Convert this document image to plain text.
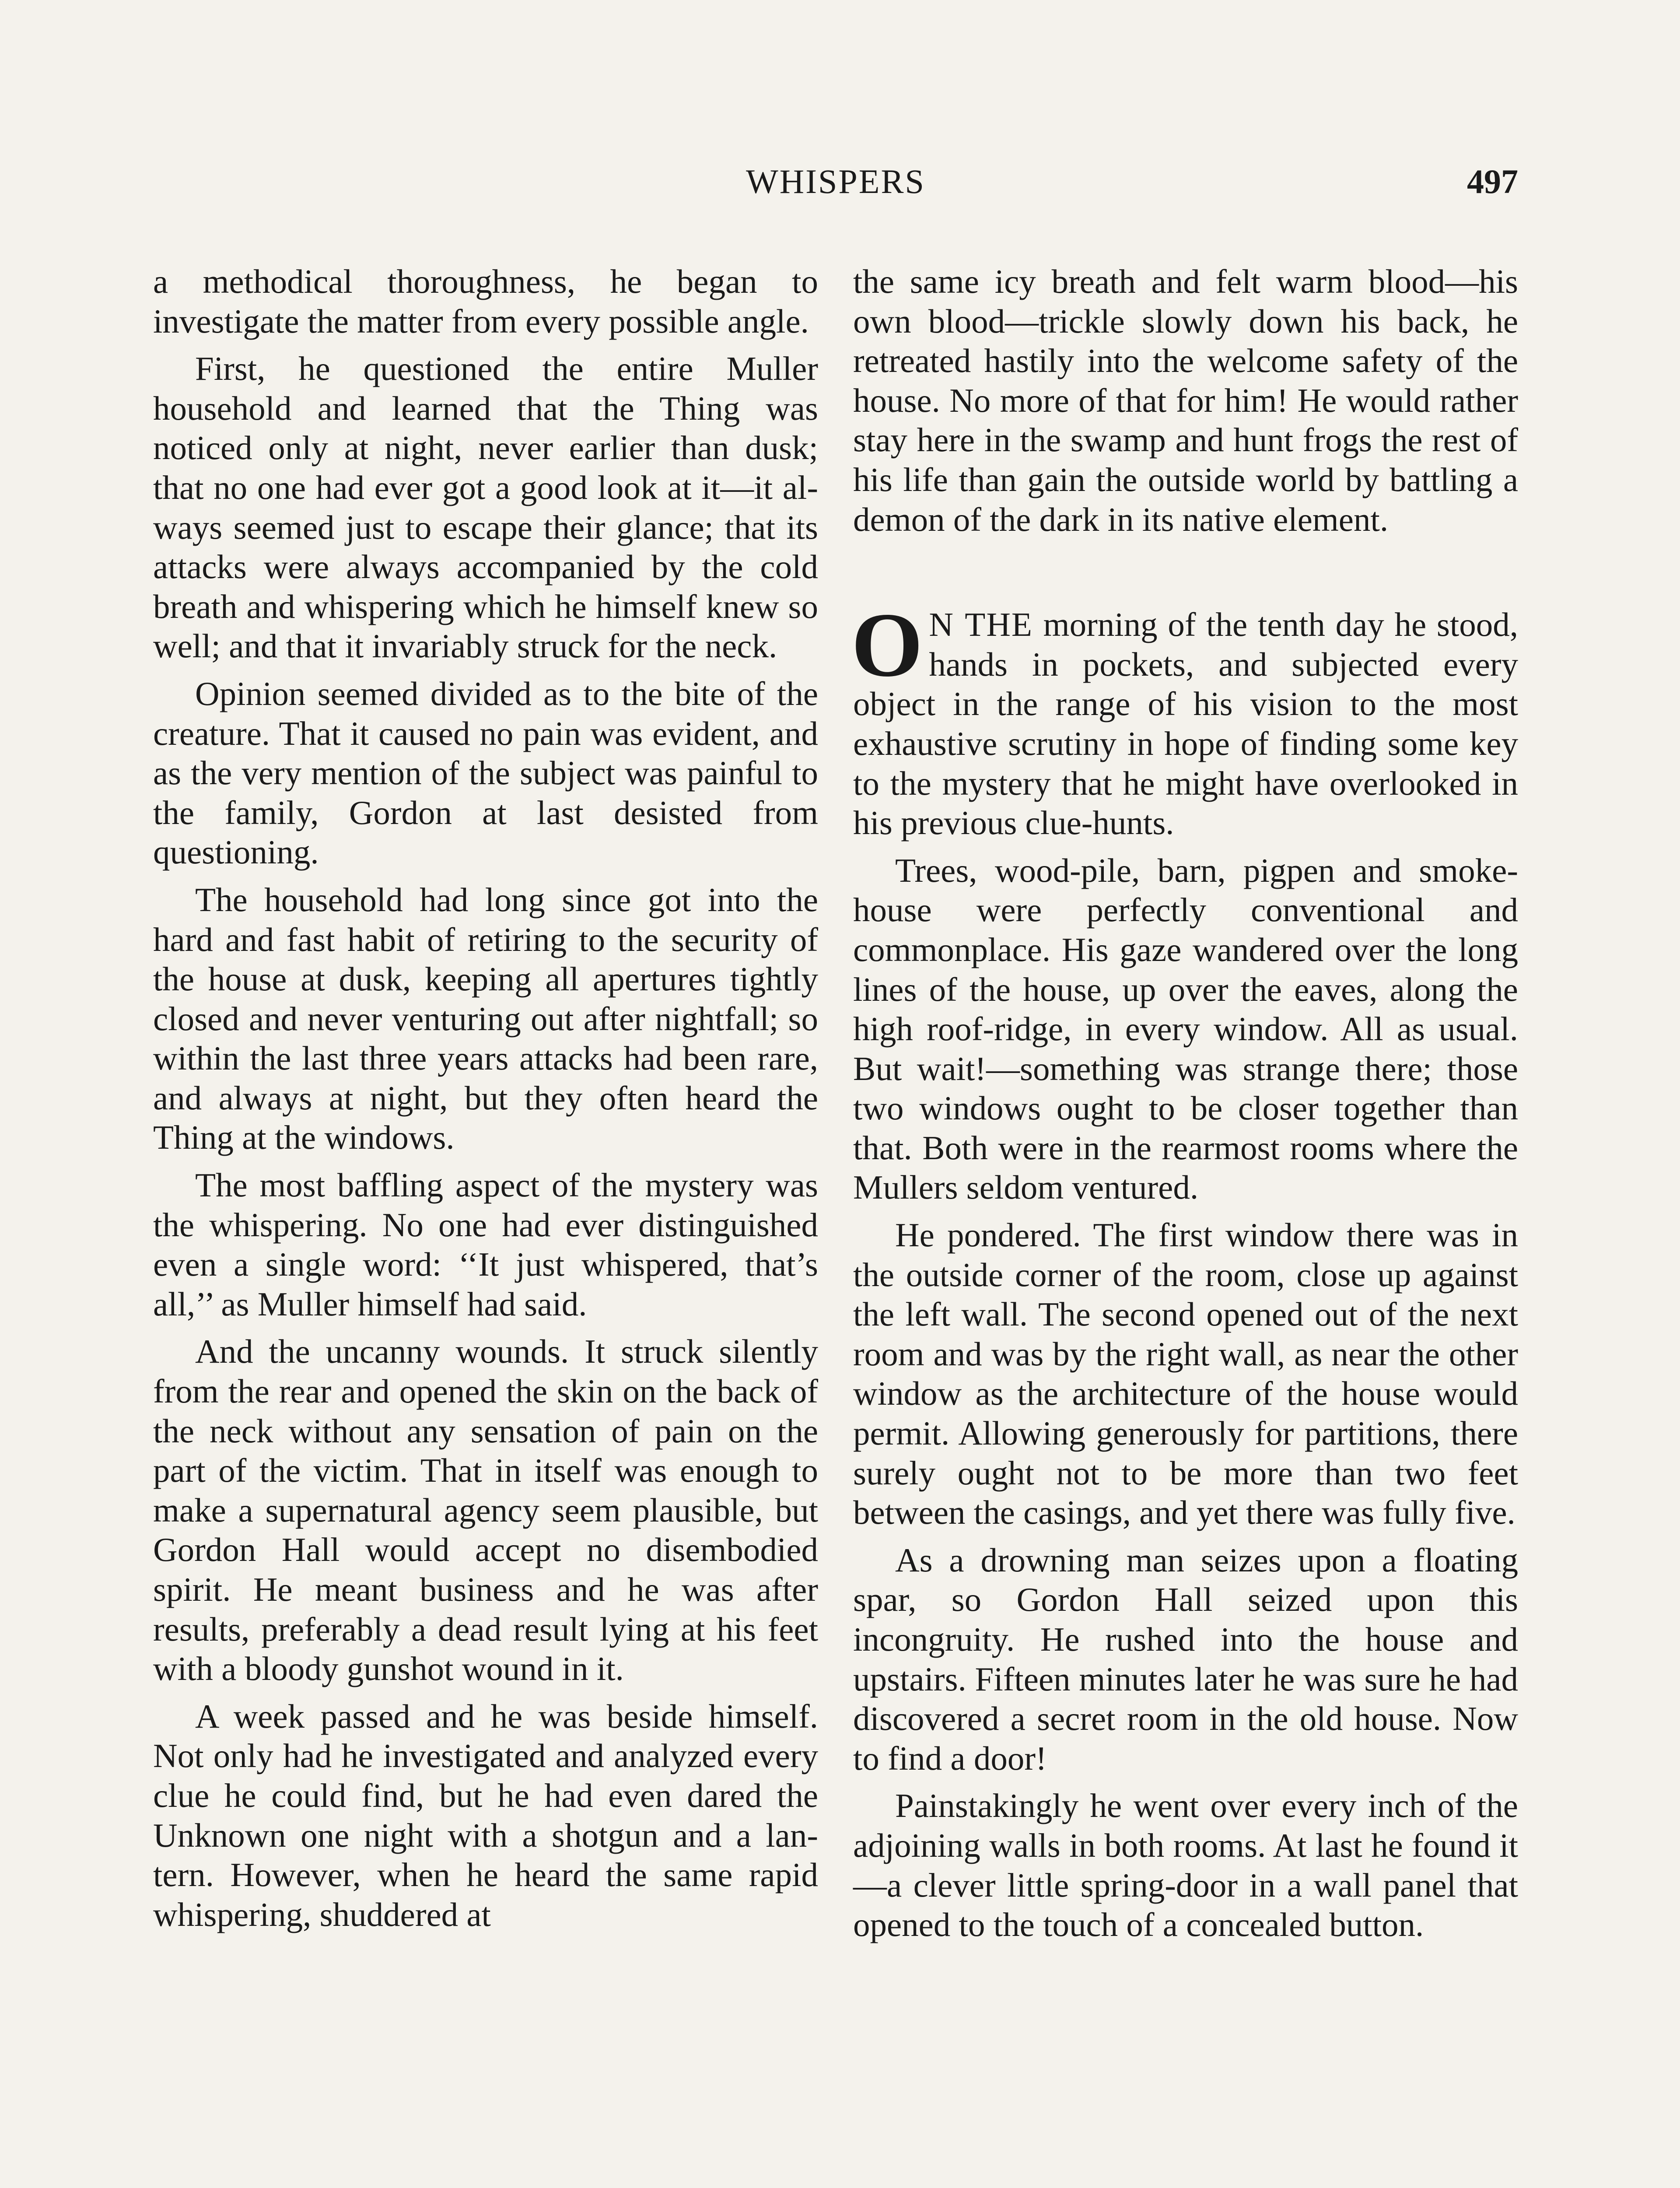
WHISPERS	497

a methodical thoroughness, he began to investigate the matter from every possible angle.

First, he questioned the entire Muller household and learned that the Thing was noticed only at night, never earlier than dusk; that no one had ever got a good look at it—it always seemed just to escape their glance; that its attacks were always accompanied by the cold breath and whispering which he himself knew so well; and that it invariably struck for the neck.

Opinion seemed divided as to the bite of the creature. That it caused no pain was evident, and as the very mention of the subject was painful to the family, Gordon at last desisted from questioning.

The household had long since got into the hard and fast habit of retiring to the security of the house at dusk, keeping all apertures tightly closed and never venturing out after nightfall; so within the last three years attacks had been rare, and always at night, but they often heard the Thing at the windows.

The most baffling aspect of the mystery was the whispering. No one had ever distinguished even a single word: ‘‘It just whispered, that’s all,’’ as Muller himself had said.

And the uncanny wounds. It struck silently from the rear and opened the skin on the back of the neck without any sensation of pain on the part of the victim. That in itself was enough to make a supernatural agency seem plausible, but Gordon Hall would accept no disembodied spirit. He meant business and he was after results, preferably a dead result lying at his feet with a bloody gunshot wound in it.

A week passed and he was beside himself. Not only had he investigated and analyzed every clue he could find, but he had even dared the Unknown one night with a shotgun and a lantern. However, when he heard the same rapid whispering, shuddered at

the same icy breath and felt warm blood—his own blood—trickle slowly down his back, he retreated hastily into the welcome safety of the house. No more of that for him! He would rather stay here in the swamp and hunt frogs the rest of his life than gain the outside world by battling a demon of the dark in its native element.

O N THE morning of the tenth day he stood, hands in pockets, and subjected every object in the range of his vision to the most exhaustive scrutiny in hope of finding some key to the mystery that he might have overlooked in his previous clue-hunts.

Trees, wood-pile, barn, pigpen and smoke-house were perfectly conventional and commonplace. His gaze wandered over the long lines of the house, up over the eaves, along the high roof-ridge, in every window. All as usual. But wait!—something was strange there; those two windows ought to be closer together than that. Both were in the rearmost rooms where the Mullers seldom ventured.

He pondered. The first window there was in the outside corner of the room, close up against the left wall. The second opened out of the next room and was by the right wall, as near the other window as the architecture of the house would permit. Allowing generously for partitions, there surely ought not to be more than two feet between the casings, and yet there was fully five.

As a drowning man seizes upon a floating spar, so Gordon Hall seized upon this incongruity. He rushed into the house and upstairs. Fifteen minutes later he was sure he had discovered a secret room in the old house. Now to find a door!

Painstakingly he went over every inch of the adjoining walls in both rooms. At last he found it—a clever little spring-door in a wall panel that opened to the touch of a concealed button.
